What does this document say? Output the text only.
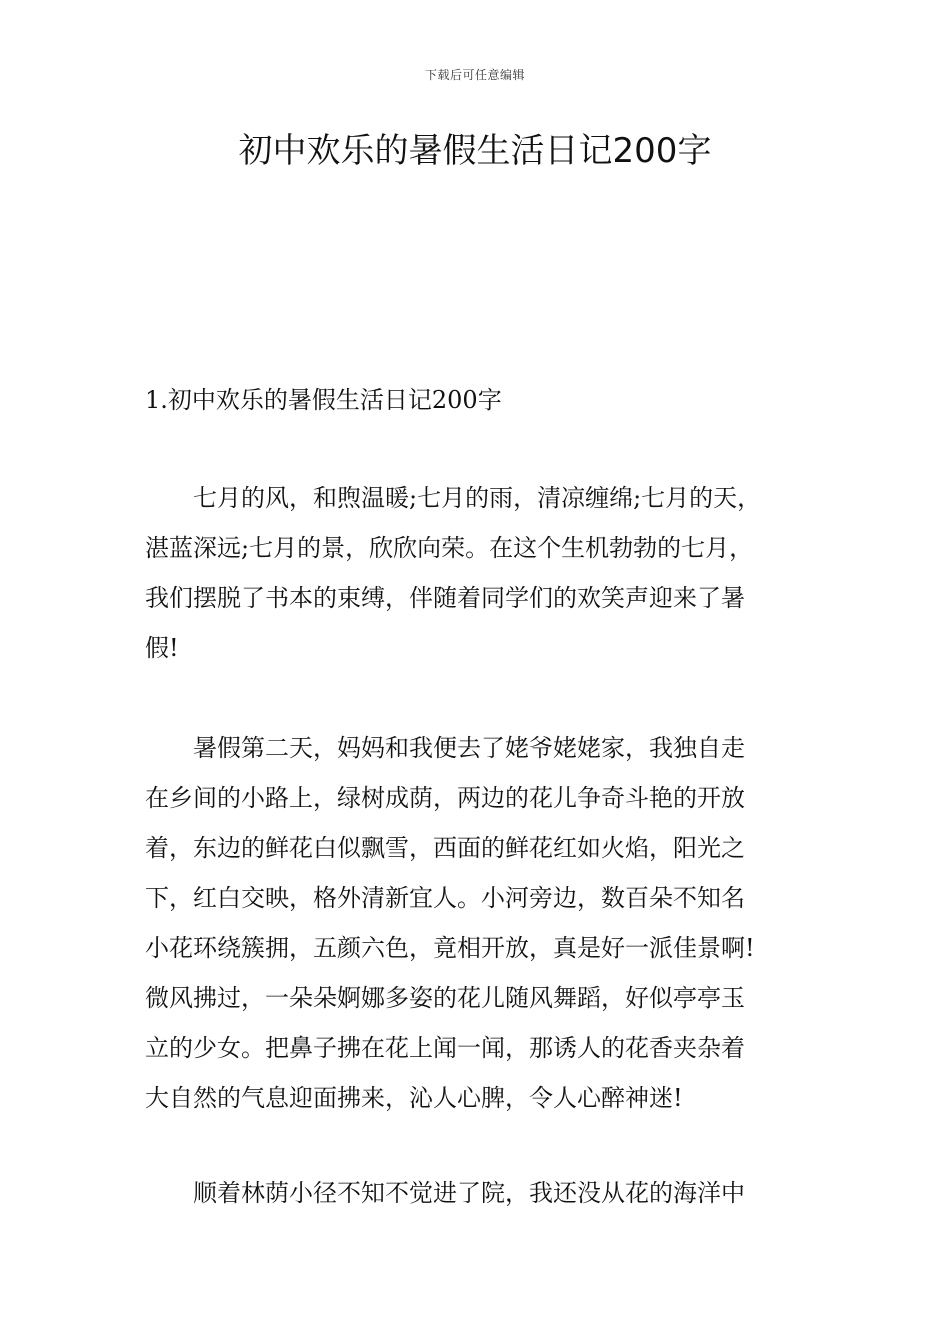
下载后可任意编辑
初中欢乐的暑假生活日记200字
1.初中欢乐的暑假生活日记200字

七月的风，和煦温暖;七月的雨，清凉缠绵;七月的天，
湛蓝深远;七月的景，欣欣向荣。在这个生机勃勃的七月，
我们摆脱了书本的束缚，伴随着同学们的欢笑声迎来了暑
假!

暑假第二天，妈妈和我便去了姥爷姥姥家，我独自走
在乡间的小路上，绿树成荫，两边的花儿争奇斗艳的开放
着，东边的鲜花白似飘雪，西面的鲜花红如火焰，阳光之
下，红白交映，格外清新宜人。小河旁边，数百朵不知名
小花环绕簇拥，五颜六色，竟相开放，真是好一派佳景啊!
微风拂过，一朵朵婀娜多姿的花儿随风舞蹈，好似亭亭玉
立的少女。把鼻子拂在花上闻一闻，那诱人的花香夹杂着
大自然的气息迎面拂来，沁人心脾，令人心醉神迷!

顺着林荫小径不知不觉进了院，我还没从花的海洋中
